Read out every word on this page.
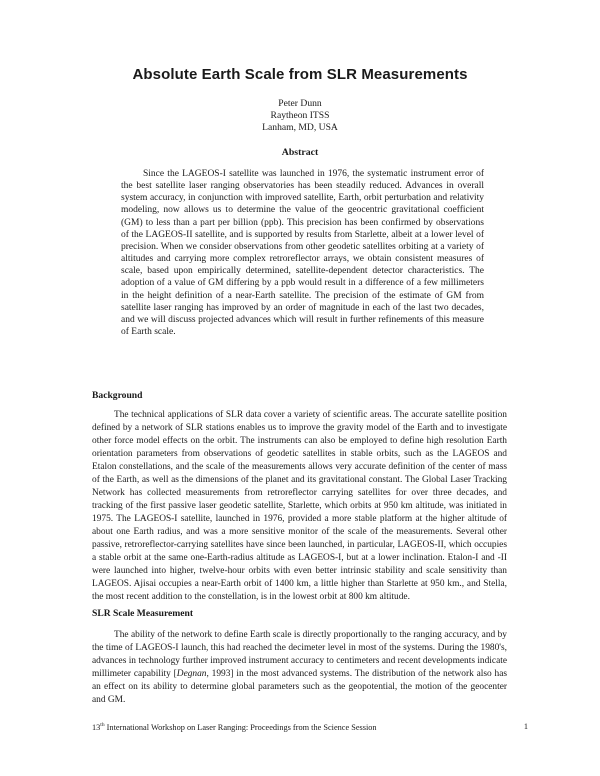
Absolute Earth Scale from SLR Measurements
Peter Dunn
Raytheon ITSS
Lanham, MD, USA
Abstract

Since the LAGEOS-I satellite was launched in 1976, the systematic instrument error of the best satellite laser ranging observatories has been steadily reduced. Advances in overall system accuracy, in conjunction with improved satellite, Earth, orbit perturbation and relativity modeling, now allows us to determine the value of the geocentric gravitational coefficient (GM) to less than a part per billion (ppb). This precision has been confirmed by observations of the LAGEOS-II satellite, and is supported by results from Starlette, albeit at a lower level of precision. When we consider observations from other geodetic satellites orbiting at a variety of altitudes and carrying more complex retroreflector arrays, we obtain consistent measures of scale, based upon empirically determined, satellite-dependent detector characteristics. The adoption of a value of GM differing by a ppb would result in a difference of a few millimeters in the height definition of a near-Earth satellite. The precision of the estimate of GM from satellite laser ranging has improved by an order of magnitude in each of the last two decades, and we will discuss projected advances which will result in further refinements of this measure of Earth scale.

Background

The technical applications of SLR data cover a variety of scientific areas. The accurate satellite position defined by a network of SLR stations enables us to improve the gravity model of the Earth and to investigate other force model effects on the orbit. The instruments can also be employed to define high resolution Earth orientation parameters from observations of geodetic satellites in stable orbits, such as the LAGEOS and Etalon constellations, and the scale of the measurements allows very accurate definition of the center of mass of the Earth, as well as the dimensions of the planet and its gravitational constant. The Global Laser Tracking Network has collected measurements from retroreflector carrying satellites for over three decades, and tracking of the first passive laser geodetic satellite, Starlette, which orbits at 950 km altitude, was initiated in 1975. The LAGEOS-I satellite, launched in 1976, provided a more stable platform at the higher altitude of about one Earth radius, and was a more sensitive monitor of the scale of the measurements. Several other passive, retroreflector-carrying satellites have since been launched, in particular, LAGEOS-II, which occupies a stable orbit at the same one-Earth-radius altitude as LAGEOS-I, but at a lower inclination. Etalon-I and -II were launched into higher, twelve-hour orbits with even better intrinsic stability and scale sensitivity than LAGEOS. Ajisai occupies a near-Earth orbit of 1400 km, a little higher than Starlette at 950 km., and Stella, the most recent addition to the constellation, is in the lowest orbit at 800 km altitude.

SLR Scale Measurement

The ability of the network to define Earth scale is directly proportionally to the ranging accuracy, and by the time of LAGEOS-I launch, this had reached the decimeter level in most of the systems. During the 1980's, advances in technology further improved instrument accuracy to centimeters and recent developments indicate millimeter capability [Degnan, 1993] in the most advanced systems. The distribution of the network also has an effect on its ability to determine global parameters such as the geopotential, the motion of the geocenter and GM.

13th International Workshop on Laser Ranging: Proceedings from the Science Session	1
